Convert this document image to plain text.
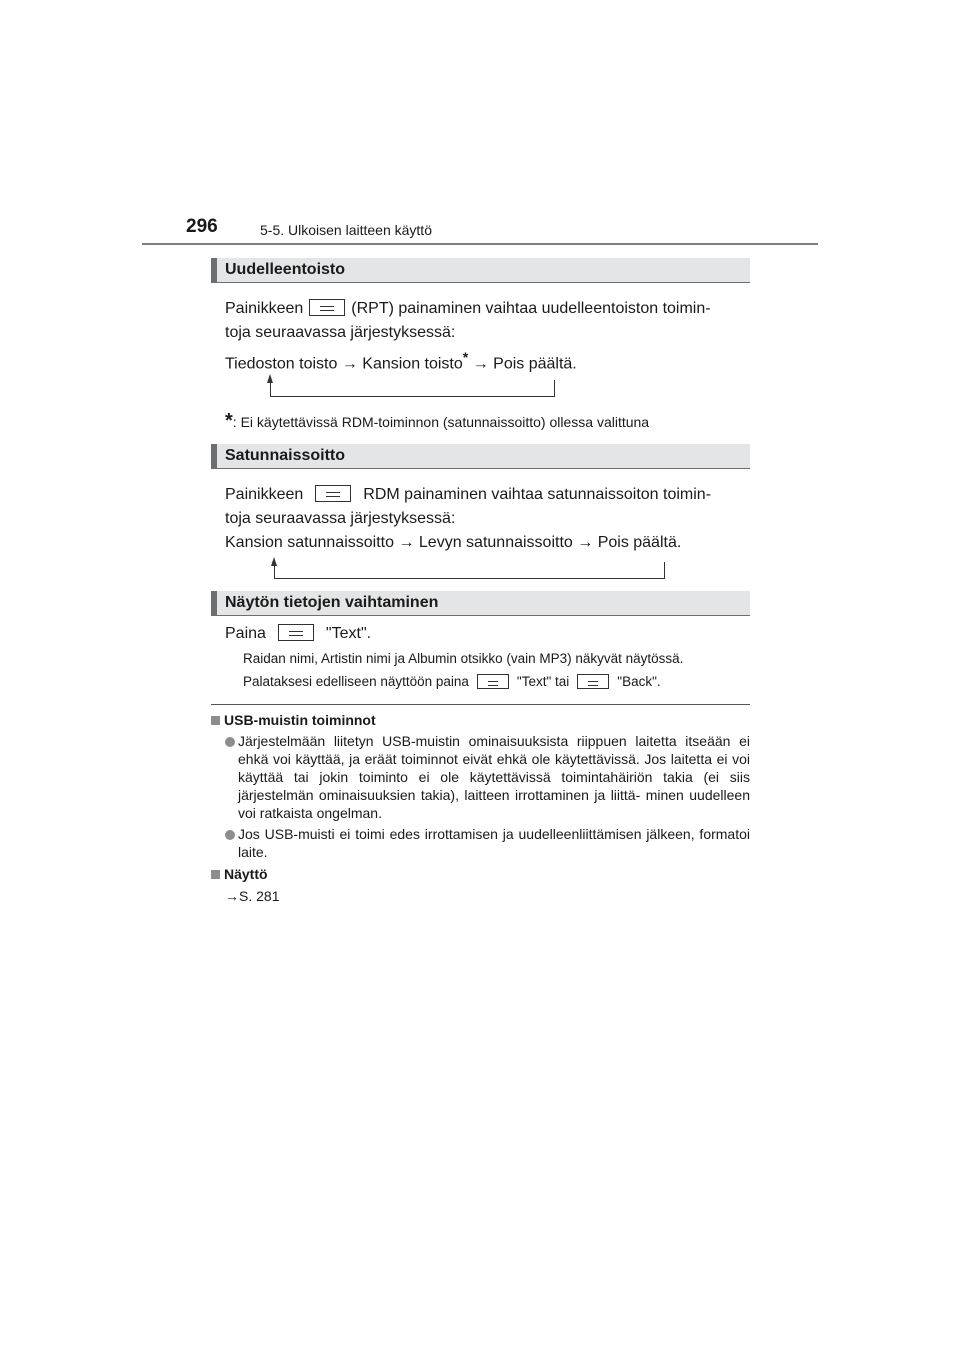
296	5-5. Ulkoisen laitteen käyttö
Uudelleentoisto
Painikkeen	(RPT) painaminen vaihtaa uudelleentoiston toimin-
toja seuraavassa järjestyksessä:
Tiedoston toisto → Kansion toisto* → Pois päältä.
*: Ei käytettävissä RDM-toiminnon (satunnaissoitto) ollessa valittuna
Satunnaissoitto
Painikkeen	RDM painaminen vaihtaa satunnaissoiton toimin-
toja seuraavassa järjestyksessä:
Kansion satunnaissoitto → Levyn satunnaissoitto → Pois päältä.
Näytön tietojen vaihtaminen
Paina	"Text".
Raidan nimi, Artistin nimi ja Albumin otsikko (vain MP3) näkyvät näytössä.
Palataksesi edelliseen näyttöön paina	"Text" tai	"Back".
USB-muistin toiminnot
Järjestelmään liitetyn USB-muistin ominaisuuksista riippuen laitetta itseään ei ehkä voi käyttää, ja eräät toiminnot eivät ehkä ole käytettävissä. Jos laitetta ei voi käyttää tai jokin toiminto ei ole käytettävissä toimintahäiriön takia (ei siis järjestelmän ominaisuuksien takia), laitteen irrottaminen ja liittä- minen uudelleen voi ratkaista ongelman.
Jos USB-muisti ei toimi edes irrottamisen ja uudelleenliittämisen jälkeen, formatoi laite.
Näyttö
→S. 281
